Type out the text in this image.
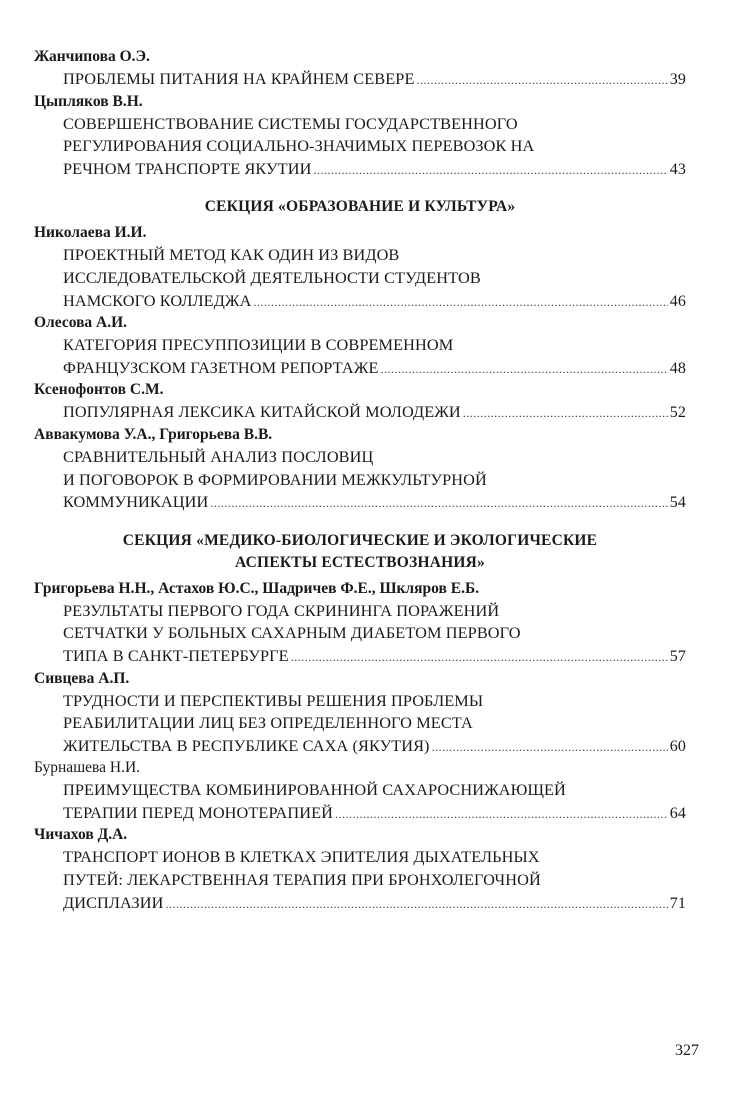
Жанчипова О.Э.
ПРОБЛЕМЫ ПИТАНИЯ НА КРАЙНЕМ СЕВЕРЕ .....	39
Цыпляков В.Н.
СОВЕРШЕНСТВОВАНИЕ СИСТЕМЫ ГОСУДАРСТВЕННОГО
РЕГУЛИРОВАНИЯ СОЦИАЛЬНО-ЗНАЧИМЫХ ПЕРЕВОЗОК НА
РЕЧНОМ ТРАНСПОРТЕ ЯКУТИИ .....	43
СЕКЦИЯ «ОБРАЗОВАНИЕ И КУЛЬТУРА»
Николаева И.И.
ПРОЕКТНЫЙ МЕТОД КАК ОДИН ИЗ ВИДОВ
ИССЛЕДОВАТЕЛЬСКОЙ ДЕЯТЕЛЬНОСТИ СТУДЕНТОВ
НАМСКОГО КОЛЛЕДЖА .....	46
Олесова А.И.
КАТЕГОРИЯ ПРЕСУППОЗИЦИИ В СОВРЕМЕННОМ
ФРАНЦУЗСКОМ ГАЗЕТНОМ РЕПОРТАЖЕ .....	48
Ксенофонтов С.М.
ПОПУЛЯРНАЯ ЛЕКСИКА КИТАЙСКОЙ МОЛОДЕЖИ .....	52
Аввакумова У.А., Григорьева В.В.
СРАВНИТЕЛЬНЫЙ АНАЛИЗ ПОСЛОВИЦ
И ПОГОВОРОК В ФОРМИРОВАНИИ МЕЖКУЛЬТУРНОЙ
КОММУНИКАЦИИ .....	54
СЕКЦИЯ «МЕДИКО-БИОЛОГИЧЕСКИЕ И ЭКОЛОГИЧЕСКИЕ
АСПЕКТЫ ЕСТЕСТВОЗНАНИЯ»
Григорьева Н.Н., Астахов Ю.С., Шадричев Ф.Е., Шкляров Е.Б.
РЕЗУЛЬТАТЫ ПЕРВОГО ГОДА СКРИНИНГА ПОРАЖЕНИЙ
СЕТЧАТКИ У БОЛЬНЫХ САХАРНЫМ ДИАБЕТОМ ПЕРВОГО
ТИПА В САНКТ-ПЕТЕРБУРГЕ .....	57
Сивцева А.П.
ТРУДНОСТИ И ПЕРСПЕКТИВЫ РЕШЕНИЯ ПРОБЛЕМЫ
РЕАБИЛИТАЦИИ ЛИЦ БЕЗ ОПРЕДЕЛЕННОГО МЕСТА
ЖИТЕЛЬСТВА В РЕСПУБЛИКЕ САХА (ЯКУТИЯ) .....	60
Бурнашева Н.И.
ПРЕИМУЩЕСТВА КОМБИНИРОВАННОЙ САХАРОСНИЖАЮЩЕЙ
ТЕРАПИИ ПЕРЕД МОНОТЕРАПИЕЙ .....	64
Чичахов Д.А.
ТРАНСПОРТ ИОНОВ В КЛЕТКАХ ЭПИТЕЛИЯ ДЫХАТЕЛЬНЫХ
ПУТЕЙ: ЛЕКАРСТВЕННАЯ ТЕРАПИЯ ПРИ БРОНХОЛЕГОЧНОЙ
ДИСПЛАЗИИ .....	71
327
